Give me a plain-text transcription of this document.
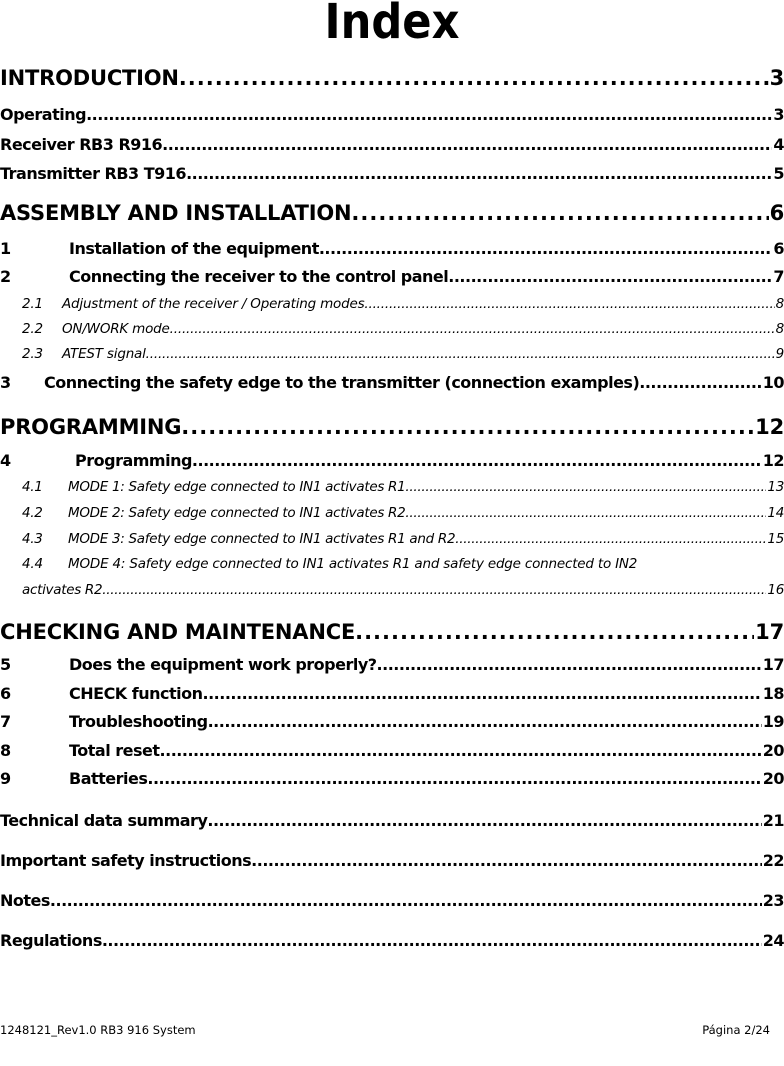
Index
INTRODUCTION .....	3
Operating .....	3
Receiver RB3 R916 .....	4
Transmitter RB3 T916 .....	5
ASSEMBLY AND INSTALLATION .....	6
1	Installation of the equipment .....	6
2	Connecting the receiver to the control panel .....	7
2.1	Adjustment of the receiver / Operating modes .....	8
2.2	ON/WORK mode .....	8
2.3	ATEST signal .....	9
3	Connecting the safety edge to the transmitter (connection examples) .....	10
PROGRAMMING .....	12
4	Programming .....	12
4.1	MODE 1: Safety edge connected to IN1 activates R1 .....	13
4.2	MODE 2: Safety edge connected to IN1 activates R2 .....	14
4.3	MODE 3: Safety edge connected to IN1 activates R1 and R2 .....	15
4.4 MODE 4: Safety edge connected to IN1 activates R1 and safety edge connected to IN2
activates R2 .....	16
CHECKING AND MAINTENANCE .....	17
5	Does the equipment work properly? .....	17
6	CHECK function .....	18
7	Troubleshooting .....	19
8	Total reset .....	20
9	Batteries .....	20
Technical data summary .....	21
Important safety instructions .....	22
Notes .....	23
Regulations .....	24
1248121_Rev1.0 RB3 916 System	Página 2/24
